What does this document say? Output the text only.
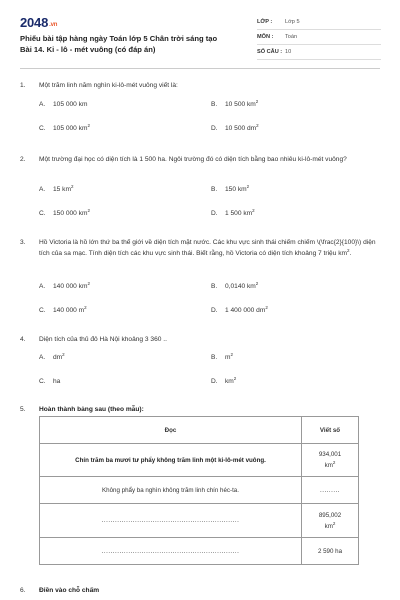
2048.vn
Phiếu bài tập hàng ngày Toán lớp 5 Chân trời sáng tạo Bài 14. Ki - lô - mét vuông (có đáp án)
LỚP :	Lớp 5
MÔN :	Toán
SỐ CÂU : 10
1. Một trăm linh năm nghìn ki-lô-mét vuông viết là:
A. 105 000 km	B. 10 500 $km^2$
C. 105 000 $km^2$	D. 10 500 $dm^2$
2. Một trường đại học có diện tích là 1 500 ha. Ngôi trường đó có diện tích bằng bao nhiêu ki-lô-mét vuông?
A. 15 $km^2$	B. 150 $km^2$
C. 150 000 $km^2$	D. 1 500 $km^2$
3. Hồ Victoria là hồ lớn thứ ba thế giới về diện tích mặt nước. Các khu vực sinh thái chiếm chiếm \(\frac{2}{100}\) diện tích của sa mạc. Tính diện tích các khu vực sinh thái. Biết rằng, hồ Victoria có diện tích khoảng 7 triệu $km^2$.
A. 140 000 $km^2$	B. 0,0140 $km^2$
C. 140 000 $m^2$	D. 1 400 000 $dm^2$
4. Diện tích của thủ đô Hà Nội khoảng 3 360 ..
A. $dm^2$	B. $m^2$
C. ha	D. $km^2$
5. Hoàn thành bảng sau (theo mẫu):
Đọc	Viết số
Chín trăm ba mươi tư phẩy không trăm linh một ki-lô-mét vuông.	934,001
$km^2$
Không phẩy ba nghìn không trăm linh chín héc-ta.	.........
..............................................................	895,002
$km^2$
..............................................................	2 590 ha
6. Điền vào chỗ chấm
